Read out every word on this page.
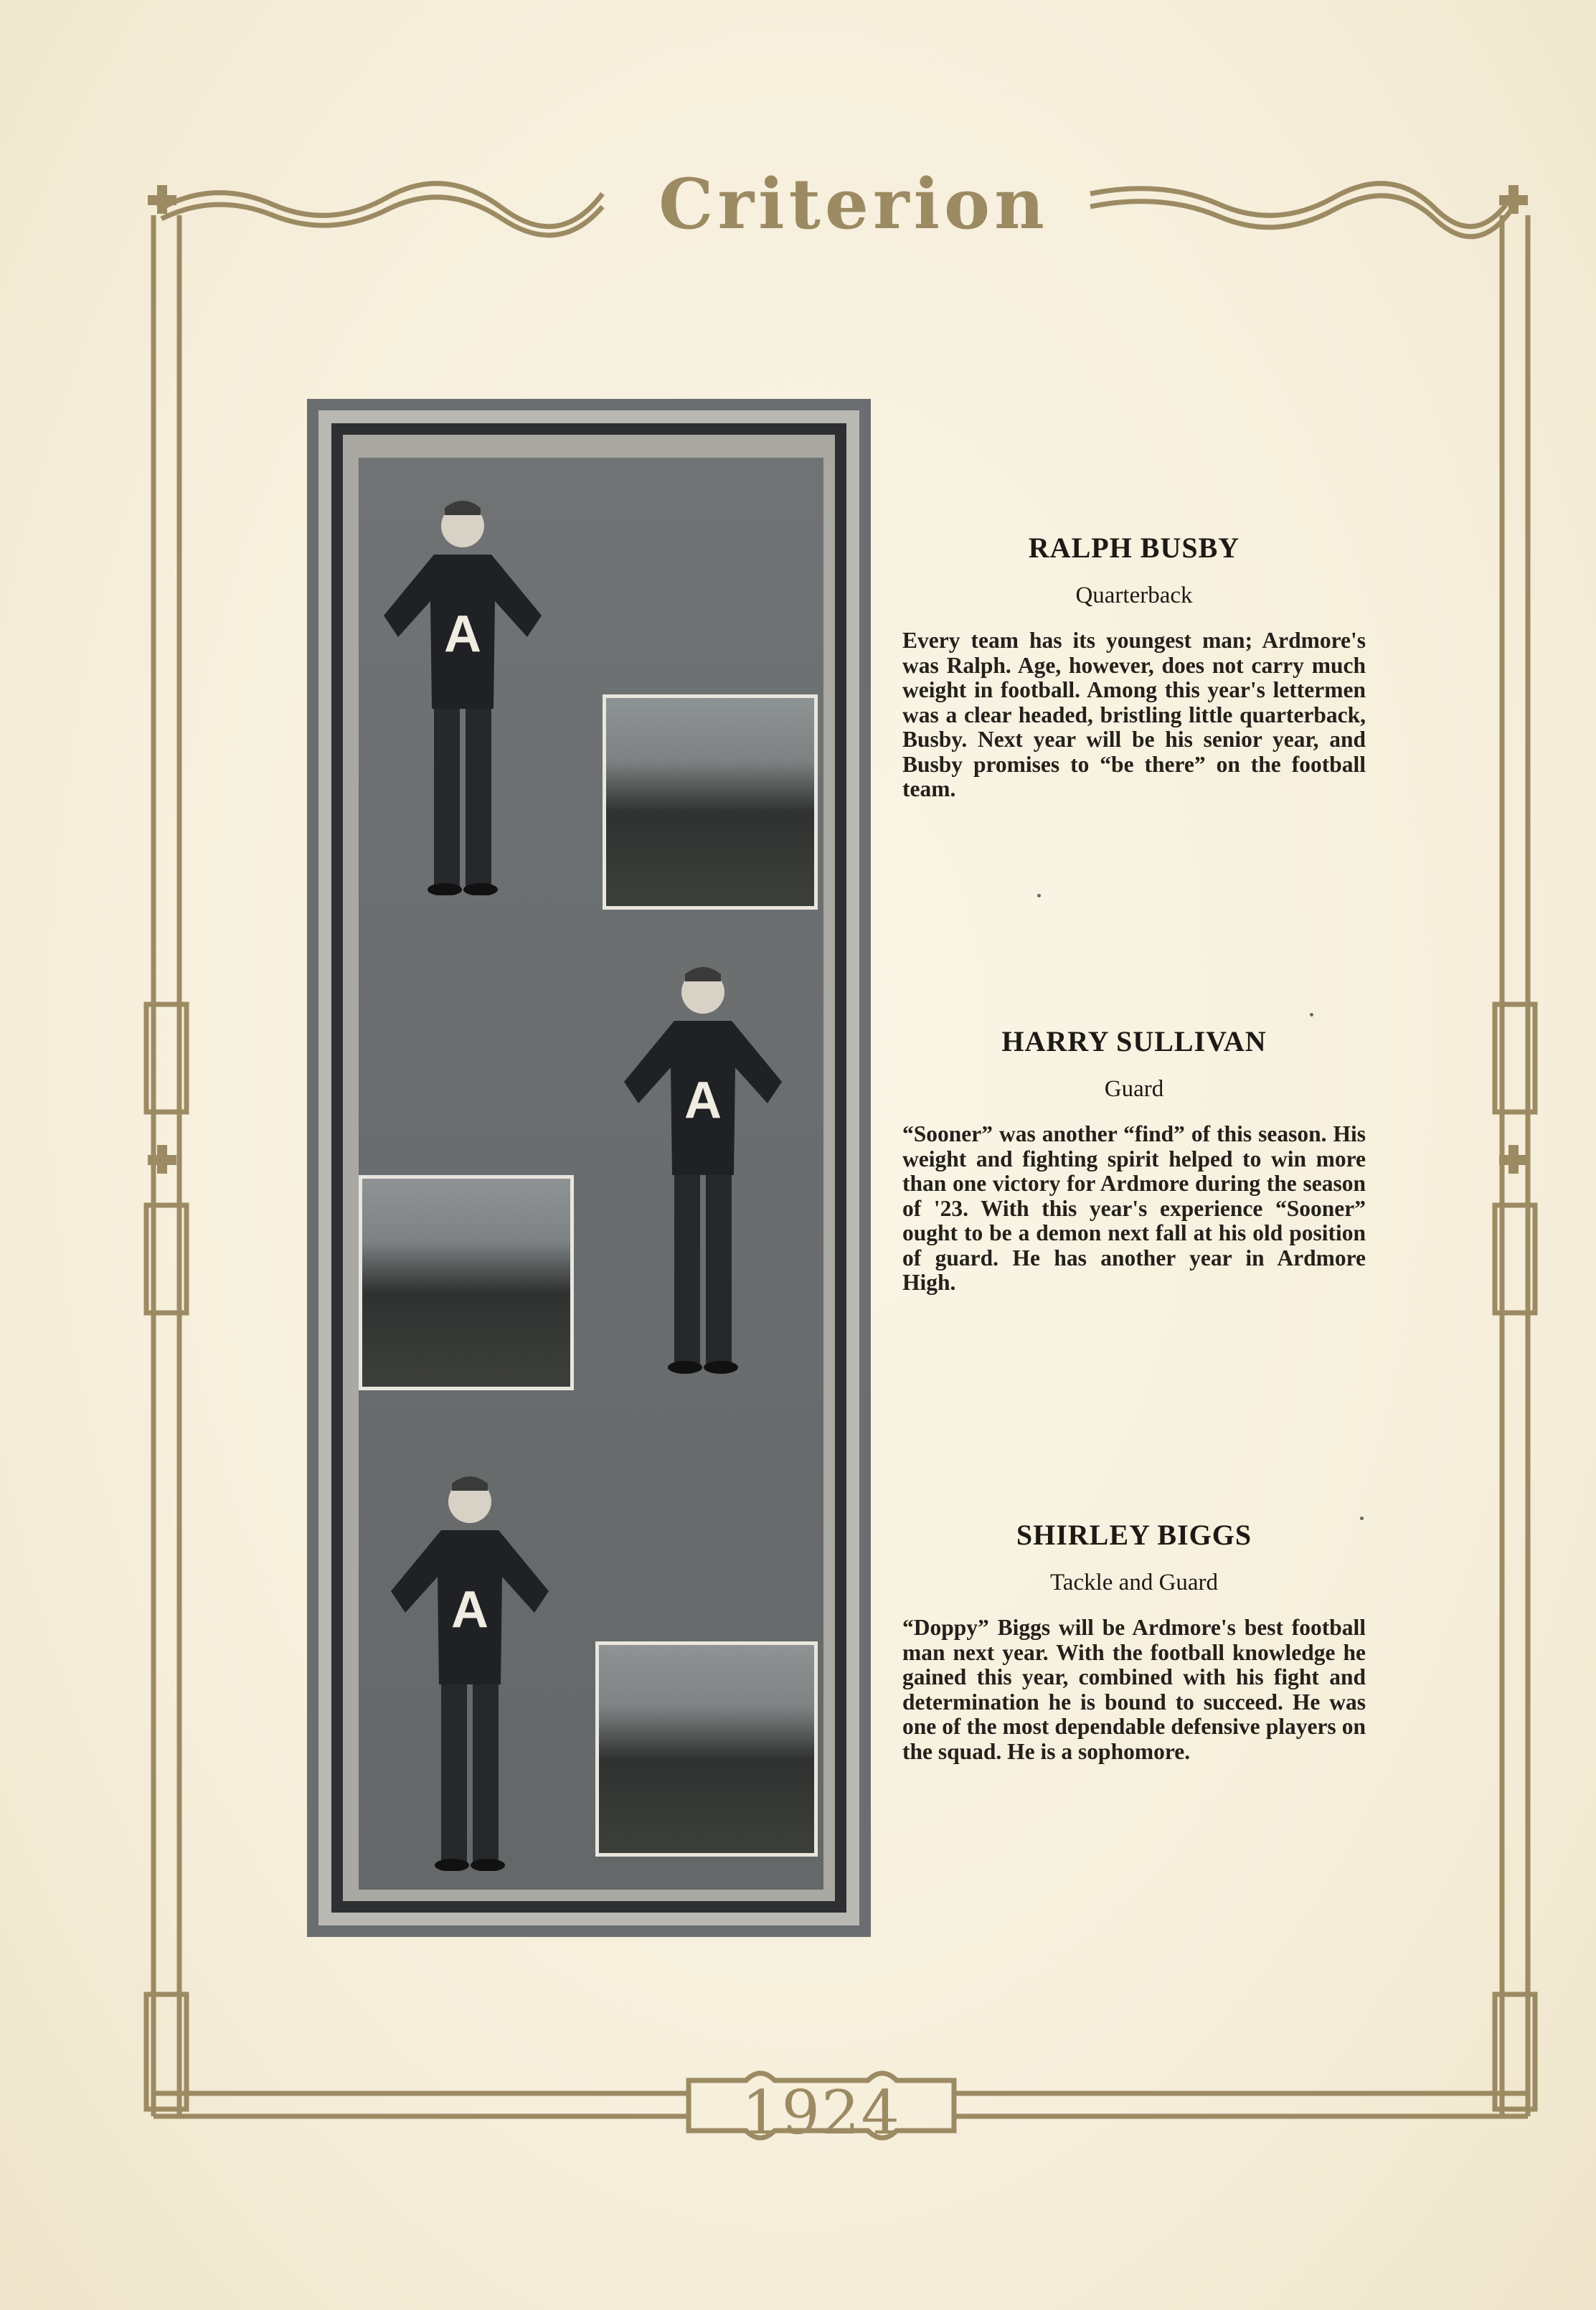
Criterion
1924
A
A
A
RALPH BUSBY
Quarterback
Every team has its youngest man; Ardmore's was Ralph. Age, however, does not carry much weight in football. Among this year's lettermen was a clear headed, bristling little quarterback, Busby. Next year will be his senior year, and Busby promises to “be there” on the football team.
HARRY SULLIVAN
Guard
“Sooner” was another “find” of this season. His weight and fighting spirit helped to win more than one victory for Ardmore during the season of '23. With this year's experience “Sooner” ought to be a demon next fall at his old position of guard. He has another year in Ardmore High.
SHIRLEY BIGGS
Tackle and Guard
“Doppy” Biggs will be Ardmore's best football man next year. With the football knowledge he gained this year, combined with his fight and determination he is bound to succeed. He was one of the most dependable defensive players on the squad. He is a sophomore.
